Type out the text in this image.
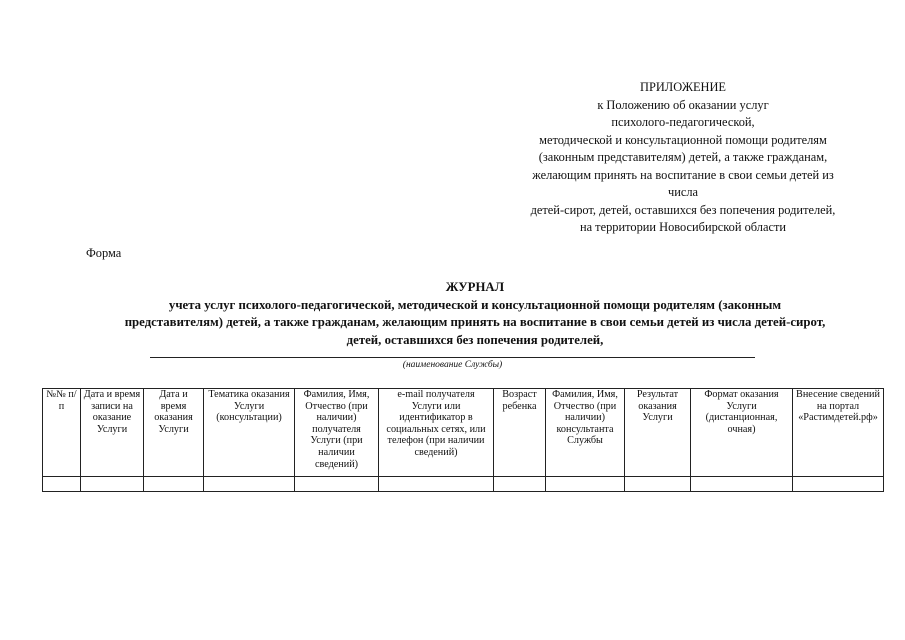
ПРИЛОЖЕНИЕ
к Положению об оказании услуг
психолого-педагогической,
методической и консультационной помощи родителям
(законным представителям) детей, а также гражданам,
желающим принять на воспитание в свои семьи детей из
числа
детей-сирот, детей, оставшихся без попечения родителей,
на территории Новосибирской области
Форма
ЖУРНАЛ
учета услуг психолого-педагогической, методической и консультационной помощи родителям (законным
представителям) детей, а также гражданам, желающим принять на воспитание в свои семьи детей из числа детей-сирот,
детей, оставшихся без попечения родителей,
(наименование Службы)
№№ п/п	Дата и время записи на оказание Услуги	Дата и время оказания Услуги	Тематика оказания Услуги (консультации)	Фамилия, Имя, Отчество (при наличии) получателя Услуги (при наличии сведений)	e-mail получателя Услуги или идентификатор в социальных сетях, или телефон (при наличии сведений)	Возраст ребенка	Фамилия, Имя, Отчество (при наличии) консультанта Службы	Результат оказания Услуги	Формат оказания Услуги (дистанционная, очная)	Внесение сведений на портал «Растимдетей.рф»
